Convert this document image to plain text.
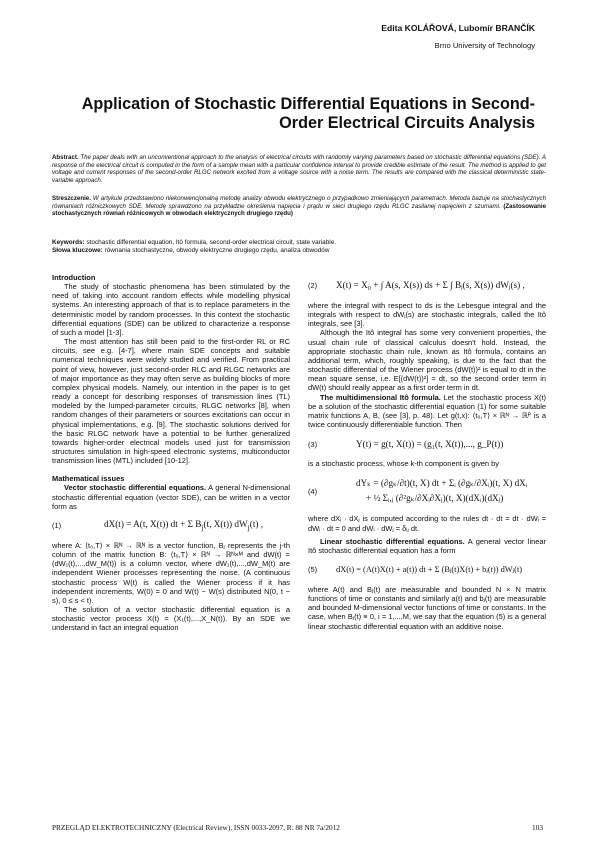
Edita KOLÁŘOVÁ, Lubomír BRANČÍK
Brno University of Technology
Application of Stochastic Differential Equations in Second-Order Electrical Circuits Analysis
Abstract. The paper deals with an unconventional approach to the analysis of electrical circuits with randomly varying parameters based on stochastic differential equations (SDE). A response of the electrical circuit is computed in the form of a sample mean with a particular confidence interval to provide credible estimate of the result. The method is applied to get voltage and current responses of the second-order RLGC network excited from a voltage source with a noise term. The results are compared with the classical deterministic state-variable approach.
Streszczenie. W artykule przedstawiono niekonwencjonalną metodę analizy obwodu elektrycznego o przypadkowo zmieniających parametrach. Metoda bazuje na stochastycznych równaniach różniczkowych SDE. Metodę sprawdzono na przykładzie określenia napięcia i prądu w sieci drugiego rzędu RLGC zasilanej napięciem z szumami. (Zastosowanie stochastycznych równań różnicowych w obwodach elektrycznych drugiego rzędu)
Keywords: stochastic differential equation, Itô formula, second-order electrical circuit, state variable.
Słowa kluczowe: równania stochastyczne, obwody elektryczne drugiego rzędu, analiza obwodów

Introduction

The study of stochastic phenomena has been stimulated by the need of taking into account random effects while modelling physical systems. An interesting approach of that is to replace parameters in the deterministic model by random processes. In this context the stochastic differential equations (SDE) can be utilized to characterize a response of such a model [1-3].

The most attention has still been paid to the first-order RL or RC circuits, see e.g. [4-7], where main SDE concepts and suitable numerical techniques were widely studied and verified. From practical point of view, however, just second-order RLC and RLGC networks are of major importance as they may often serve as building blocks of more complex physical models. Namely, our intention in the paper is to get ready a concept for describing responses of transmission lines (TL) modeled by the lumped-parameter circuits, RLGC networks [8], when random changes of their parameters or sources excitations can occur in physical implementations, e.g. [9]. The stochastic solutions derived for the basic RLGC network have a potential to be further generalized towards higher-order electrical models used just for transmission structures simulation in high-speed electronic systems, multiconductor transmission lines (MTL) included [10-12].

Mathematical issues

Vector stochastic differential equations. A general N-dimensional stochastic differential equation (vector SDE), can be written in a vector form as

(1)	dX(t) = A(t, X(t)) dt + Σ $B_j(t$, X(t)) $dW_j(t)$ ,

where A: ⟨t₀,T⟩ × ℝᴺ → ℝᴺ is a vector function, Bⱼ represents the j-th column of the matrix function B: ⟨t₀,T⟩ × ℝᴺ → ℝᴺ×ᴹ and dW(t) = (dW₁(t),...,dW_M(t)) is a column vector, where dW₁(t),...,dW_M(t) are independent Wiener processes representing the noise. (A continuous stochastic process W(t) is called the Wiener process if it has independent increments, W(0) = 0 and W(t) − W(s) distributed N(0, t − s), 0 ≤ s < t).

The solution of a vector stochastic differential equation is a stochastic vector process X(t) = (X₁(t),...,X_N(t)). By an SDE we understand in fact an integral equation

(2)	X(t) = X₀ + ∫ A(s, X(s)) ds + Σ ∫ Bⱼ(s, X(s)) dWⱼ(s) ,

where the integral with respect to ds is the Lebesgue integral and the integrals with respect to dWⱼ(s) are stochastic integrals, called the Itô integrals, see [3].

Although the Itô integral has some very convenient properties, the usual chain rule of classical calculus doesn't hold. Instead, the appropriate stochastic chain rule, known as Itô formula, contains an additional term, which, roughly speaking, is due to the fact that the stochastic differential of the Wiener process (dW(t))² is equal to dt in the mean square sense, i.e. E[(dW(t))²] = dt, so the second order term in dW(t) should really appear as a first order term in dt.

The multidimensional Itô formula. Let the stochastic process X(t) be a solution of the stochastic differential equation (1) for some suitable matrix functions A, B, (see [3], p. 48). Let g(t,x): ⟨t₀,T⟩ × ℝᴺ → ℝᴾ is a twice continuously differentiable function. Then

(3)	Y(t) = g(t, X(t)) = (g₁(t, X(t)),..., g_P(t))

is a stochastic process, whose k-th component is given by

(4)
dYₖ = (∂gₖ/∂t)(t, X) dt + Σᵢ (∂gₖ/∂Xᵢ)(t, X) dXᵢ
+ ½ Σᵢ,ⱼ (∂²gₖ/∂Xᵢ∂Xⱼ)(t, X)(dXᵢ)(dXⱼ)

where dXᵢ · dXⱼ is computed according to the rules dt · dt = dt · dWᵢ = dWᵢ · dt = 0 and dWᵢ · dWⱼ = δᵢⱼ dt.

Linear stochastic differential equations. A general vector linear Itô stochastic differential equation has a form

(5)	dX(t) = (A(t)X(t) + a(t)) dt + Σ (Bⱼ(t)X(t) + bⱼ(t)) dWⱼ(t)

where A(t) and Bⱼ(t) are measurable and bounded N × N matrix functions of time or constants and similarly a(t) and bⱼ(t) are measurable and bounded M-dimensional vector functions of time or constants. In the case, when Bⱼ(t) ≡ 0, i = 1,...,M, we say that the equation (5) is a general linear stochastic differential equation with an additive noise.

PRZEGLĄD ELEKTROTECHNICZNY (Electrical Review), ISSN 0033-2097, R. 88 NR 7a/2012	103
